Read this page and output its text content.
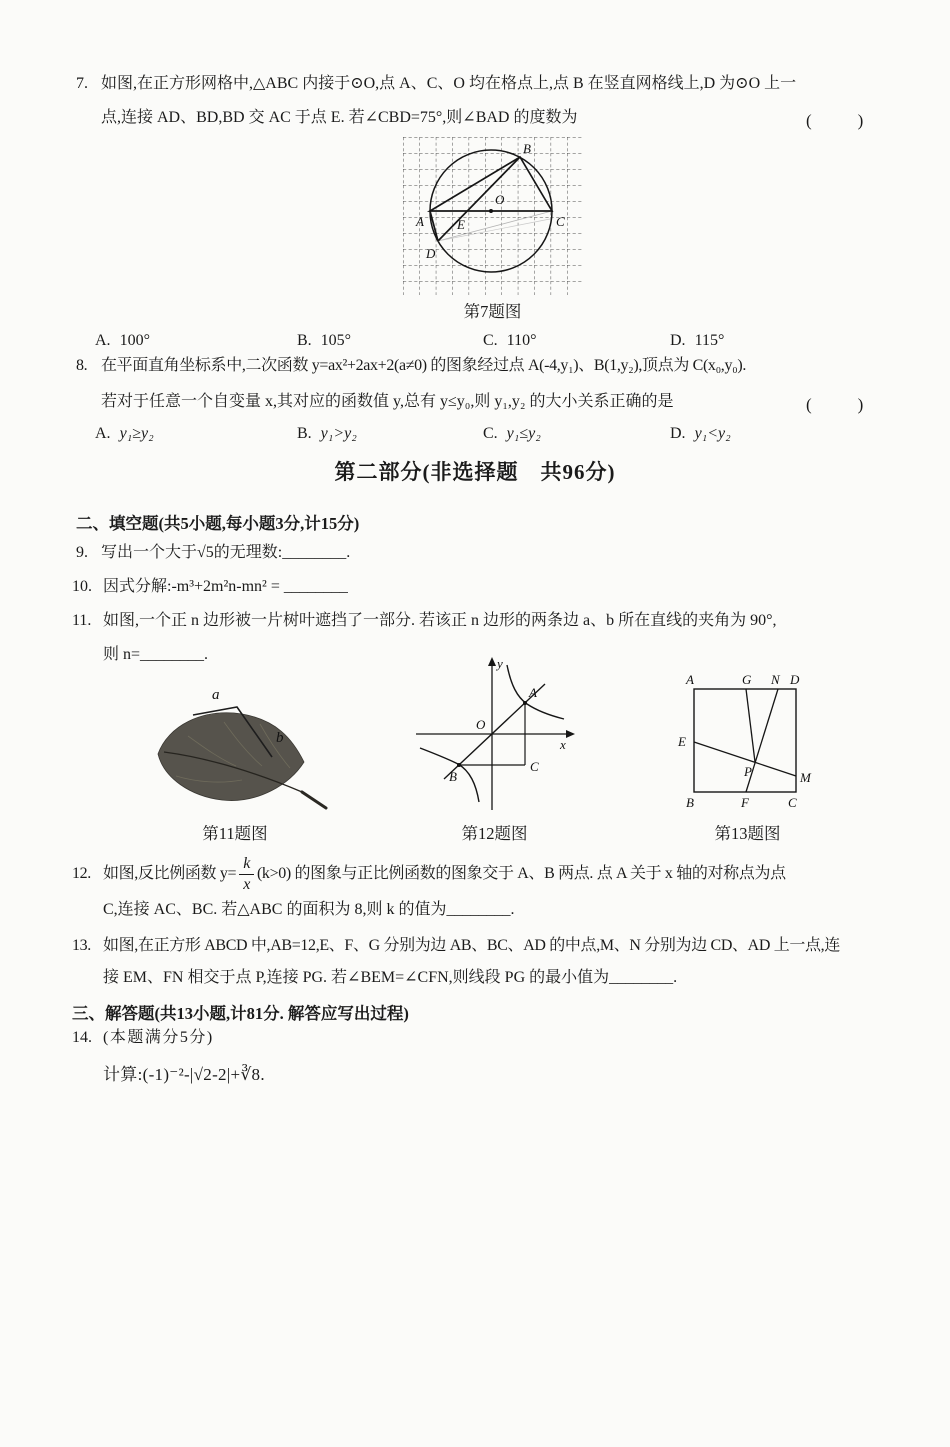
7. 如图,在正方形网格中,△ABC 内接于⊙O,点 A、C、O 均在格点上,点 B 在竖直网格线上,D 为⊙O 上一
点,连接 AD、BD,BD 交 AC 于点 E. 若∠CBD=75°,则∠BAD 的度数为	(　　)
A
B
C
D
E
O
第7题图
A. 100°	B. 105°	C. 110°	D. 115°
8. 在平面直角坐标系中,二次函数 y=ax²+2ax+2(a≠0) 的图象经过点 A(-4,y₁)、B(1,y₂),顶点为 C(x₀,y₀).
若对于任意一个自变量 x,其对应的函数值 y,总有 y≤y₀,则 y₁,y₂ 的大小关系正确的是	(　　)
A. y₁≥y₂	B. y₁>y₂	C. y₁≤y₂	D. y₁<y₂
第二部分(非选择题　共96分)
二、填空题(共5小题,每小题3分,计15分)
9. 写出一个大于√5的无理数:________.
10. 因式分解:-m³+2m²n-mn² = ________
11. 如图,一个正 n 边形被一片树叶遮挡了一部分. 若该正 n 边形的两条边 a、b 所在直线的夹角为 90°,
则 n=________.
a
b
第11题图
y
x
O
A
B
C
第12题图
A	G N D
E
P	M
B	F	C
第13题图
12. 如图,反比例函数 $y= \frac{k}{x} (k>0)$ 的图象与正比例函数的图象交于 A、B 两点. 点 A 关于 x 轴的对称点为点
C,连接 AC、BC. 若△ABC 的面积为 8,则 k 的值为________.
13. 如图,在正方形 ABCD 中,AB=12,E、F、G 分别为边 AB、BC、AD 的中点,M、N 分别为边 CD、AD 上一点,连
接 EM、FN 相交于点 P,连接 PG. 若∠BEM=∠CFN,则线段 PG 的最小值为________.
三、解答题(共13小题,计81分. 解答应写出过程)
14. (本题满分5分)
计算:(-1)⁻²-|√2-2|+∛8.
